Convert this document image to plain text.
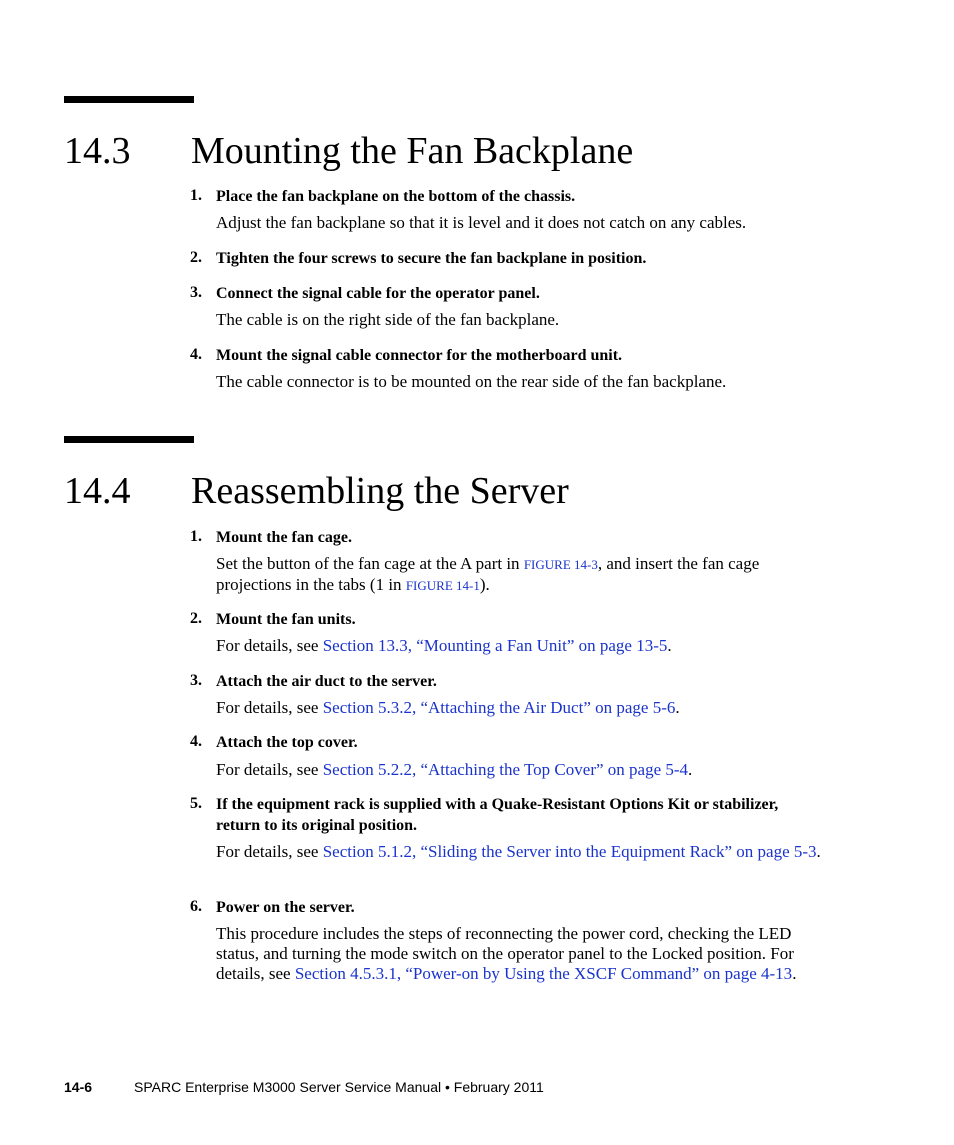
14.3 Mounting the Fan Backplane
1. Place the fan backplane on the bottom of the chassis.
Adjust the fan backplane so that it is level and it does not catch on any cables.
2. Tighten the four screws to secure the fan backplane in position.
3. Connect the signal cable for the operator panel.
The cable is on the right side of the fan backplane.
4. Mount the signal cable connector for the motherboard unit.
The cable connector is to be mounted on the rear side of the fan backplane.
14.4 Reassembling the Server
1. Mount the fan cage.
Set the button of the fan cage at the A part in FIGURE 14-3, and insert the fan cage projections in the tabs (1 in FIGURE 14-1).
2. Mount the fan units.
For details, see Section 13.3, “Mounting a Fan Unit” on page 13-5.
3. Attach the air duct to the server.
For details, see Section 5.3.2, “Attaching the Air Duct” on page 5-6.
4. Attach the top cover.
For details, see Section 5.2.2, “Attaching the Top Cover” on page 5-4.
5. If the equipment rack is supplied with a Quake-Resistant Options Kit or stabilizer, return to its original position.
For details, see Section 5.1.2, “Sliding the Server into the Equipment Rack” on page 5-3.
6. Power on the server.
This procedure includes the steps of reconnecting the power cord, checking the LED status, and turning the mode switch on the operator panel to the Locked position. For details, see Section 4.5.3.1, “Power-on by Using the XSCF Command” on page 4-13.
14-6	SPARC Enterprise M3000 Server Service Manual • February 2011
